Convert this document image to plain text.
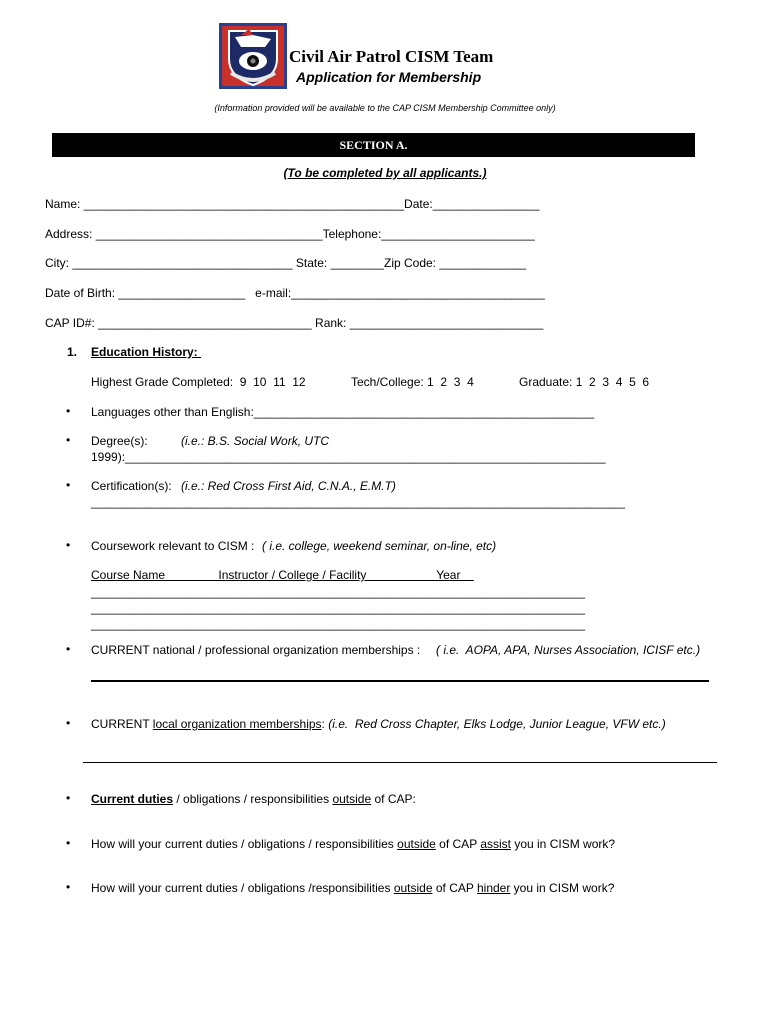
Civil Air Patrol CISM Team
Application for Membership
(Information provided will be available to the CAP CISM Membership Committee only)
SECTION A.
(To be completed by all applicants.)
Name: ________________________________________________Date:________________
Address: __________________________________Telephone:_______________________
City: _________________________________ State: ________Zip Code: _____________
Date of Birth: ___________________   e-mail:______________________________________
CAP ID#: ________________________________ Rank: _____________________________
1. Education History:
Highest Grade Completed:  9  10  11  12	Tech/College: 1  2  3  4	Graduate: 1  2  3  4  5  6
• Languages other than English:___________________________________________________
• Degree(s):	(i.e.: B.S. Social Work, UTC
1999):________________________________________________________________________
• Certification(s): (i.e.: Red Cross First Aid, C.N.A., E.M.T)
________________________________________________________________________________
• Coursework relevant to CISM : ( i.e. college, weekend seminar, on-line, etc)
Course Name                Instructor / College / Facility                     Year
__________________________________________________________________________
__________________________________________________________________________
__________________________________________________________________________
• CURRENT national / professional organization memberships : ( i.e.  AOPA, APA, Nurses Association, ICISF etc.)
• CURRENT local organization memberships: (i.e.  Red Cross Chapter, Elks Lodge, Junior League, VFW etc.)
• Current duties / obligations / responsibilities outside of CAP:
• How will your current duties / obligations / responsibilities outside of CAP assist you in CISM work?
• How will your current duties / obligations /responsibilities outside of CAP hinder you in CISM work?
